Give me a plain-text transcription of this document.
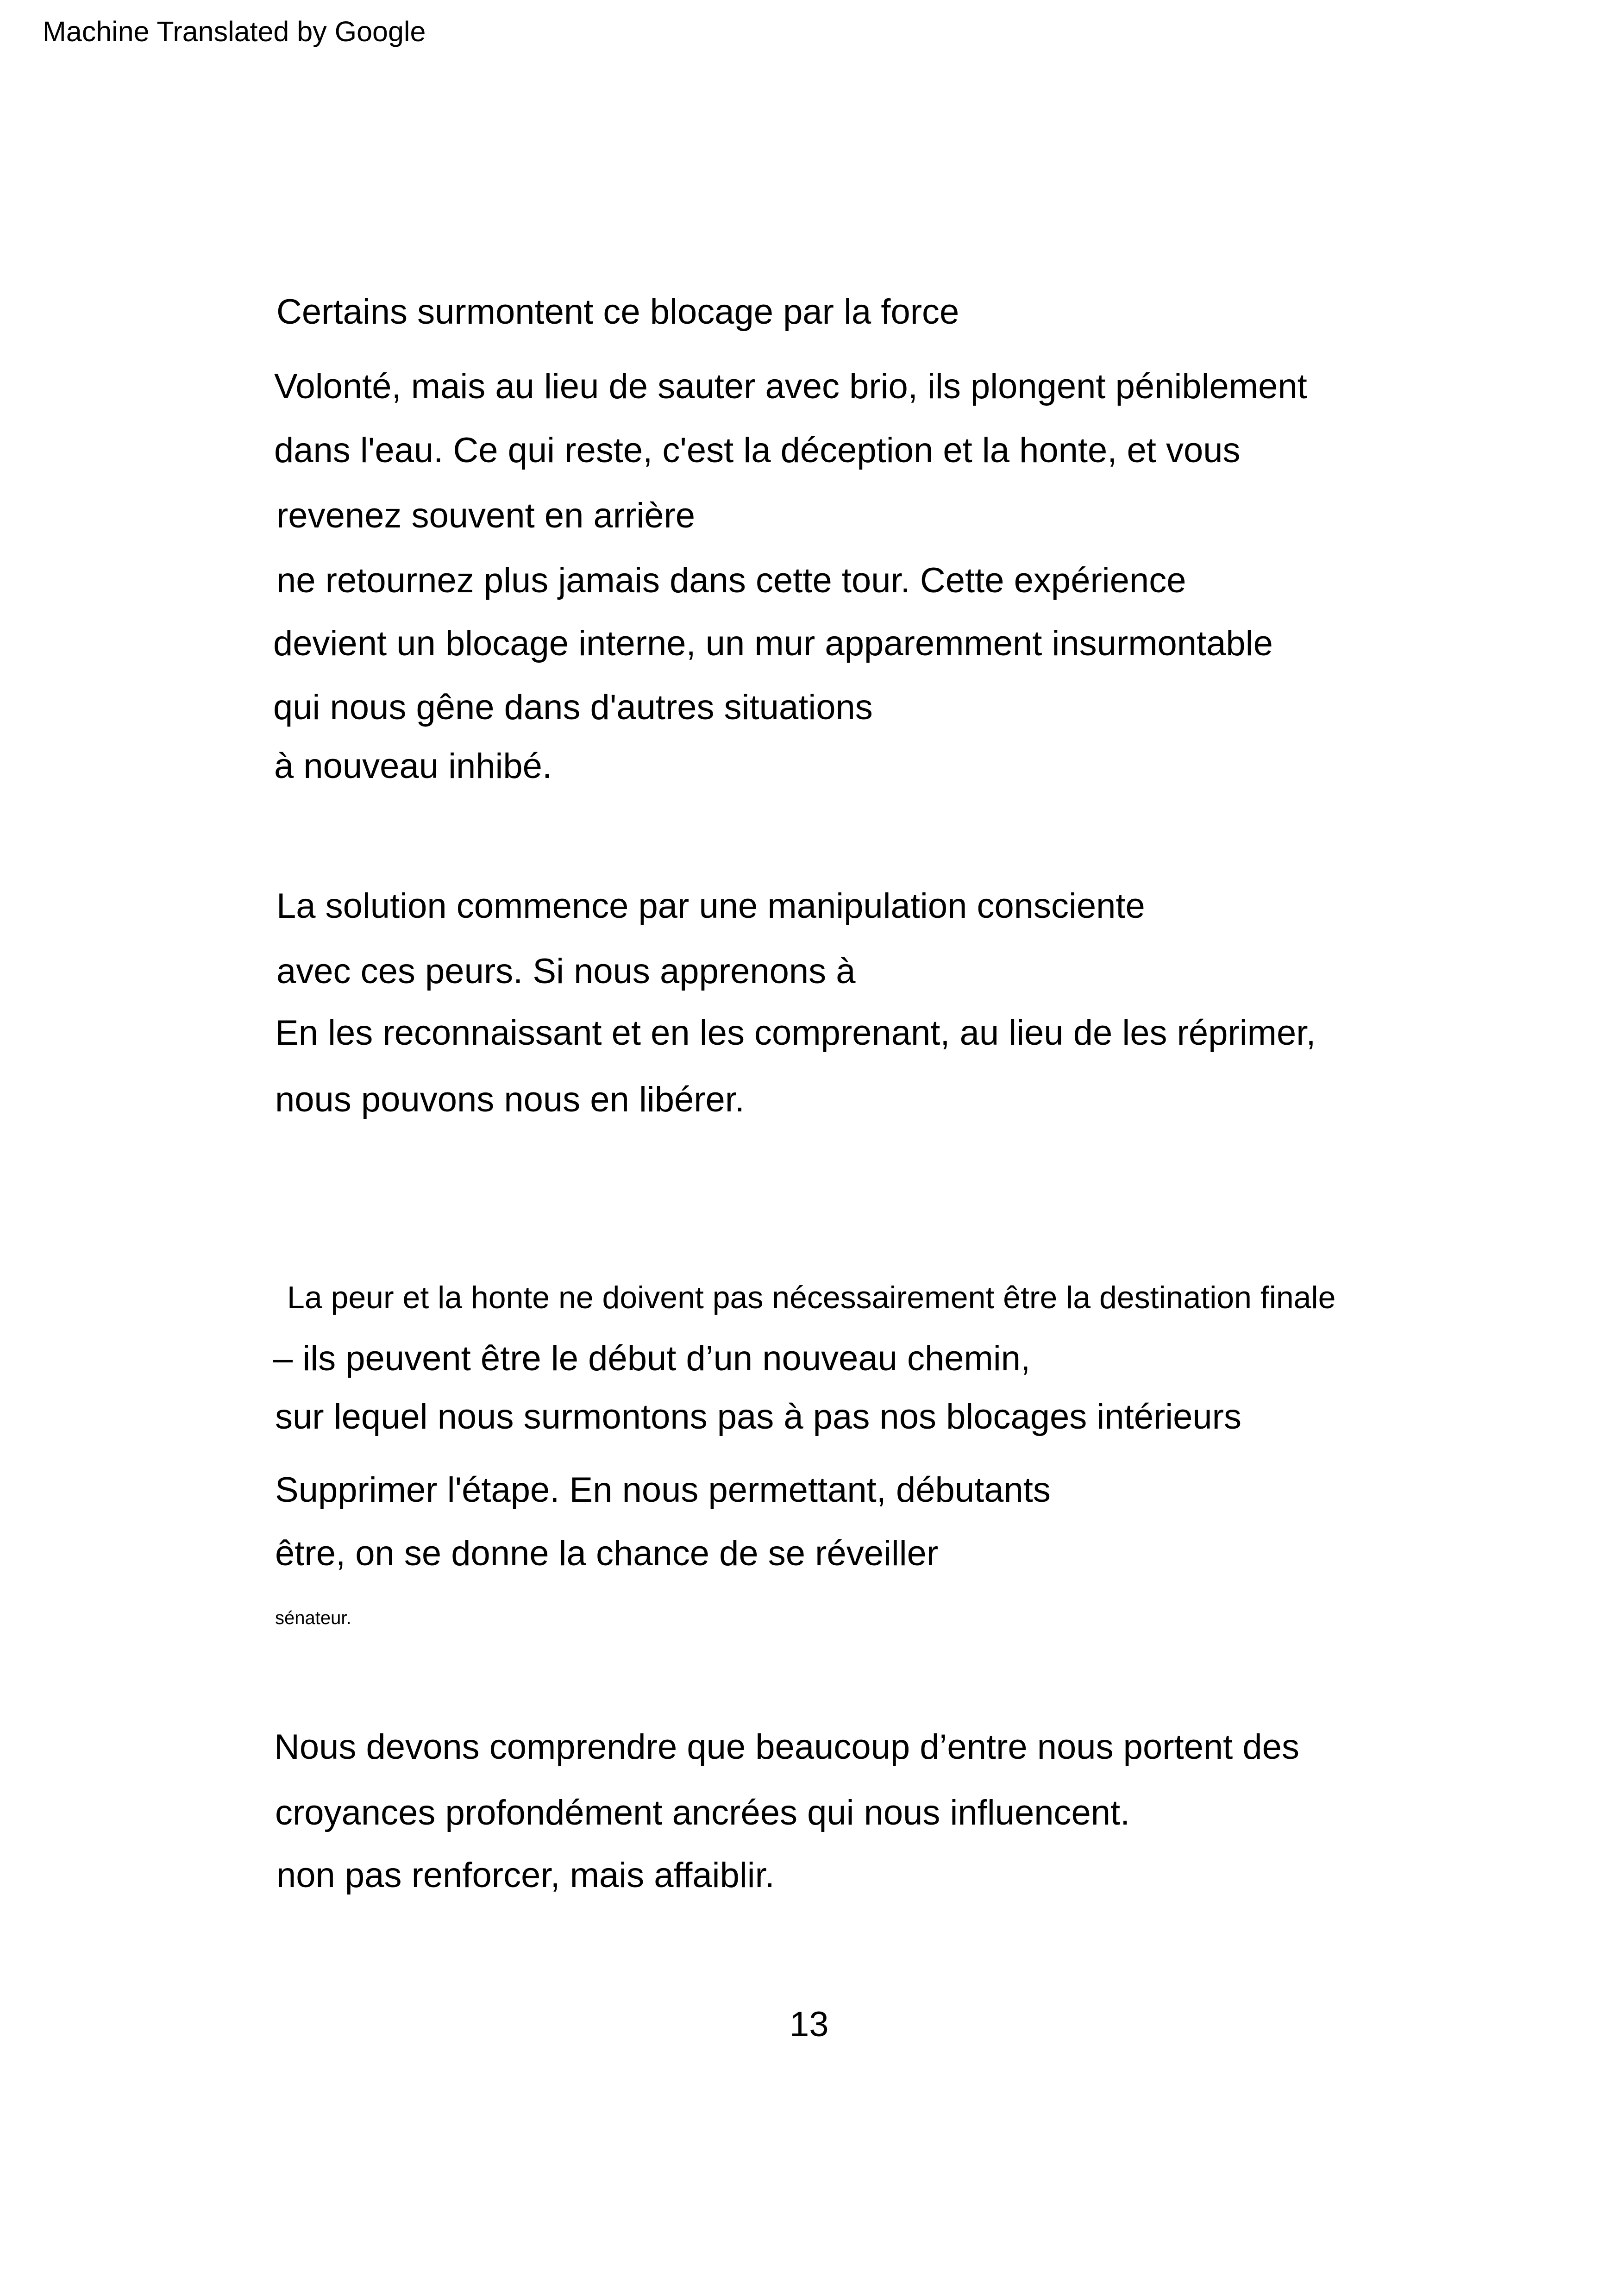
Machine Translated by Google
Certains surmontent ce blocage par la force
Volonté, mais au lieu de sauter avec brio, ils plongent péniblement
dans l'eau. Ce qui reste, c'est la déception et la honte, et vous
revenez souvent en arrière
ne retournez plus jamais dans cette tour. Cette expérience
devient un blocage interne, un mur apparemment insurmontable
qui nous gêne dans d'autres situations
à nouveau inhibé.
La solution commence par une manipulation consciente
avec ces peurs. Si nous apprenons à
En les reconnaissant et en les comprenant, au lieu de les réprimer,
nous pouvons nous en libérer.
La peur et la honte ne doivent pas nécessairement être la destination finale
– ils peuvent être le début d’un nouveau chemin,
sur lequel nous surmontons pas à pas nos blocages intérieurs
Supprimer l'étape. En nous permettant, débutants
être, on se donne la chance de se réveiller
sénateur.
Nous devons comprendre que beaucoup d’entre nous portent des
croyances profondément ancrées qui nous influencent.
non pas renforcer, mais affaiblir.
13
